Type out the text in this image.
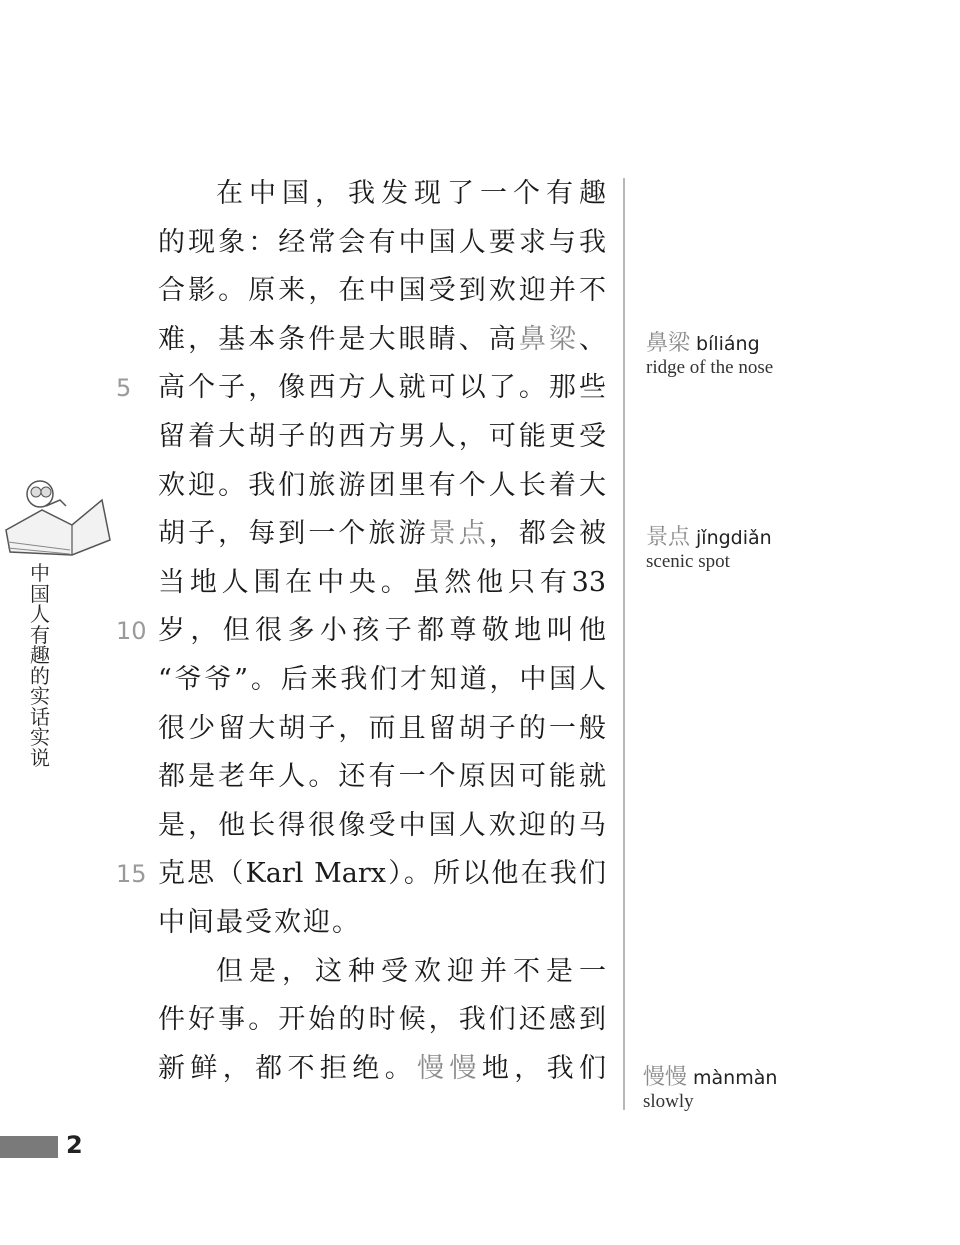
中
国
人
有
趣
的
实
话
实
说
在中国，我发现了一个有趣
的现象：经常会有中国人要求与我
合影。原来，在中国受到欢迎并不
难，基本条件是大眼睛、高鼻梁、
5 高个子，像西方人就可以了。那些
留着大胡子的西方男人，可能更受
欢迎。我们旅游团里有个人长着大
胡子，每到一个旅游景点，都会被
当地人围在中央。虽然他只有33
10 岁，但很多小孩子都尊敬地叫他
“爷爷”。后来我们才知道，中国人
很少留大胡子，而且留胡子的一般
都是老年人。还有一个原因可能就
是，他长得很像受中国人欢迎的马
15 克思（Karl Marx）。所以他在我们
中间最受欢迎。
但是，这种受欢迎并不是一
件好事。开始的时候，我们还感到
新鲜，都不拒绝。慢慢地，我们
鼻梁 bíliáng
ridge of the nose
景点 jǐngdiǎn
scenic spot
慢慢 mànmàn
slowly
2
